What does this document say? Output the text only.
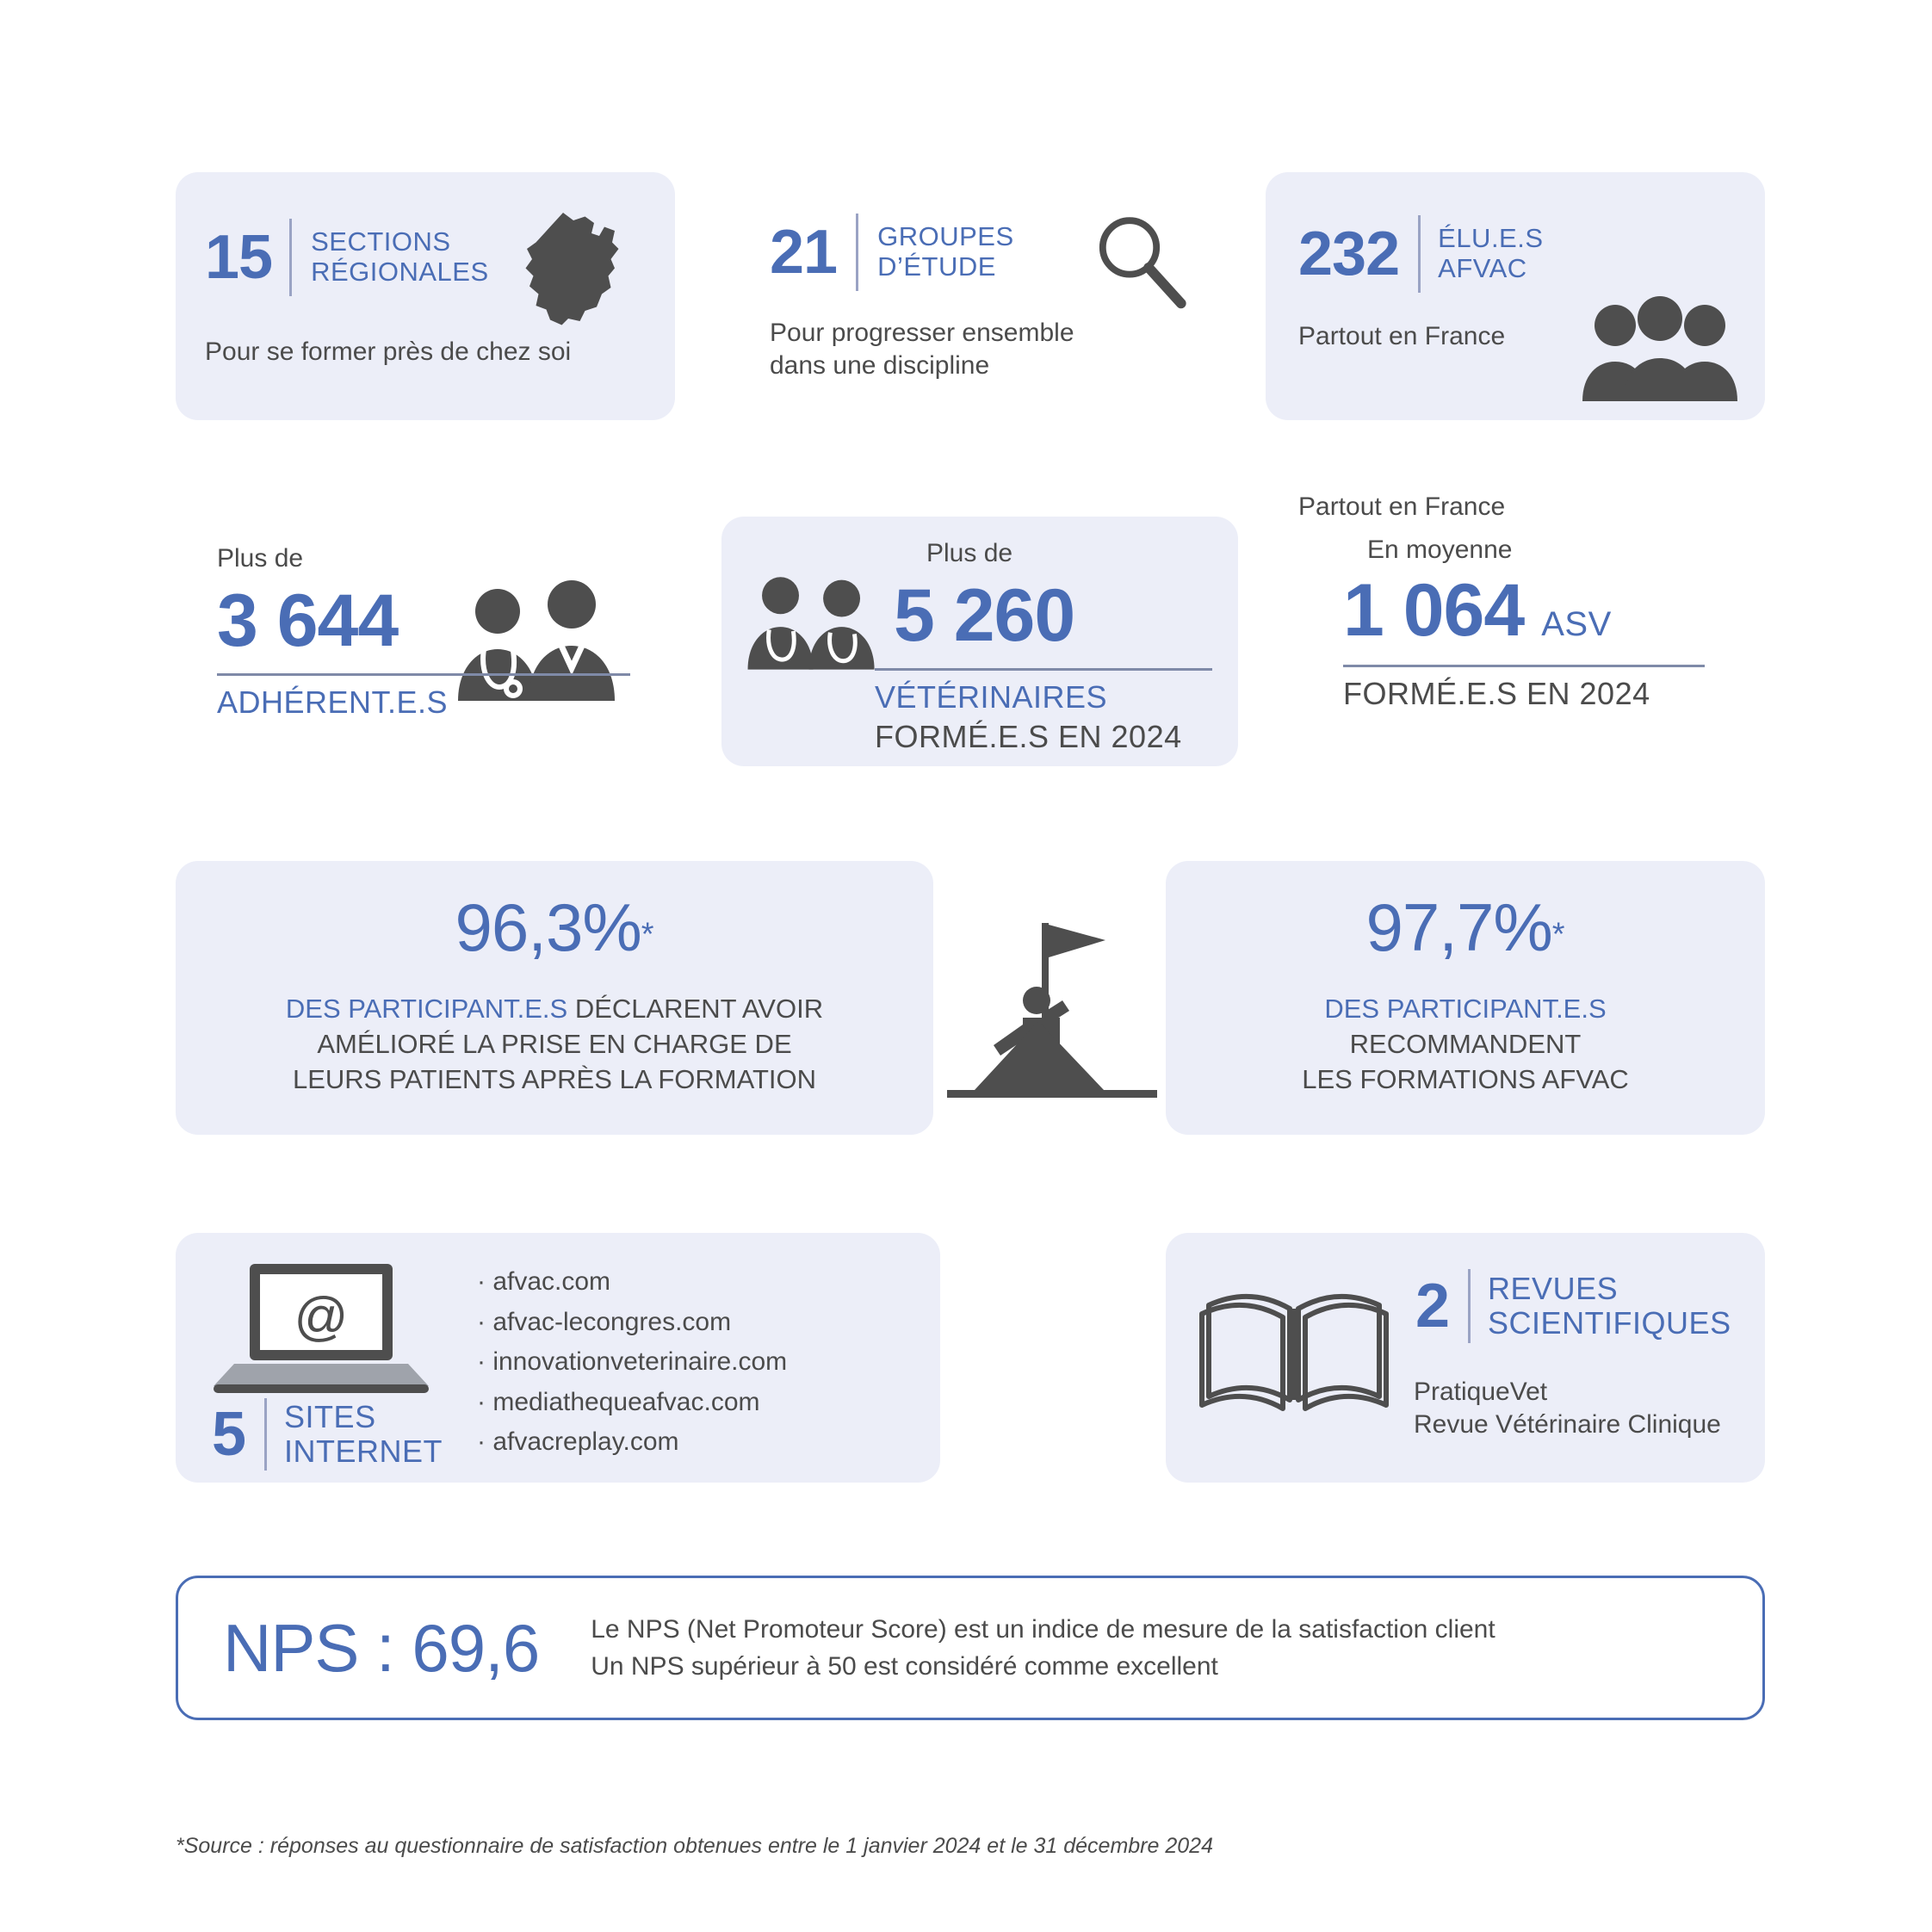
15 SECTIONS
RÉGIONALES
Pour se former près de chez soi
21 GROUPES
D’ÉTUDE
Pour progresser ensemble
dans une discipline
232 ÉLU.E.S
AFVAC
Partout en France
Partout en France
Plus de
3 644
ADHÉRENT.E.S
Plus de
5 260
VÉTÉRINAIRES
FORMÉ.E.S EN 2024
En moyenne
1 064 ASV
FORMÉ.E.S EN 2024
96,3%*
DES PARTICIPANT.E.S DÉCLARENT AVOIR
AMÉLIORÉ LA PRISE EN CHARGE DE
LEURS PATIENTS APRÈS LA FORMATION
97,7%*
DES PARTICIPANT.E.S
RECOMMANDENT
LES FORMATIONS AFVAC
@
5 SITES
INTERNET
· afvac.com
· afvac-lecongres.com
· innovationveterinaire.com
· mediathequeafvac.com
· afvacreplay.com
2 REVUES
SCIENTIFIQUES
PratiqueVet
Revue Vétérinaire Clinique
NPS : 69,6 Le NPS (Net Promoteur Score) est un indice de mesure de la satisfaction client
Un NPS supérieur à 50 est considéré comme excellent
*Source : réponses au questionnaire de satisfaction obtenues entre le 1 janvier 2024 et le 31 décembre 2024
